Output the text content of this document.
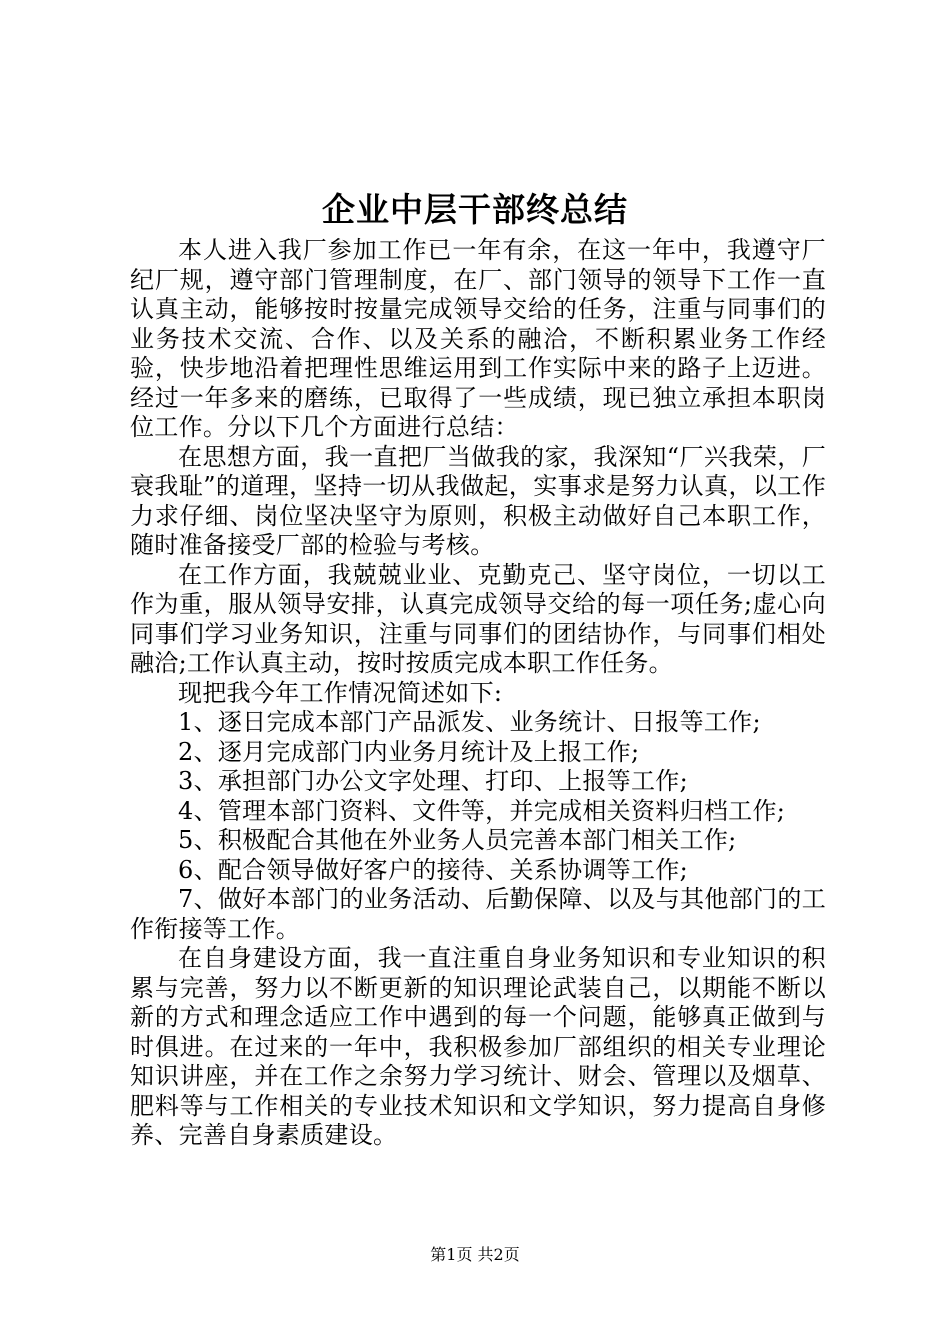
企业中层干部终总结

本人进入我厂参加工作已一年有余，在这一年中，我遵守厂纪厂规，遵守部门管理制度，在厂、部门领导的领导下工作一直认真主动，能够按时按量完成领导交给的任务，注重与同事们的业务技术交流、合作、以及关系的融洽，不断积累业务工作经验，快步地沿着把理性思维运用到工作实际中来的路子上迈进。经过一年多来的磨练，已取得了一些成绩，现已独立承担本职岗位工作。分以下几个方面进行总结：

在思想方面，我一直把厂当做我的家，我深知“厂兴我荣，厂衰我耻”的道理，坚持一切从我做起，实事求是努力认真，以工作力求仔细、岗位坚决坚守为原则，积极主动做好自己本职工作，随时准备接受厂部的检验与考核。

在工作方面，我兢兢业业、克勤克己、坚守岗位，一切以工作为重，服从领导安排，认真完成领导交给的每一项任务;虚心向同事们学习业务知识，注重与同事们的团结协作，与同事们相处融洽;工作认真主动，按时按质完成本职工作任务。

现把我今年工作情况简述如下:

1、逐日完成本部门产品派发、业务统计、日报等工作;

2、逐月完成部门内业务月统计及上报工作;

3、承担部门办公文字处理、打印、上报等工作;

4、管理本部门资料、文件等，并完成相关资料归档工作;

5、积极配合其他在外业务人员完善本部门相关工作;

6、配合领导做好客户的接待、关系协调等工作;

7、做好本部门的业务活动、后勤保障、以及与其他部门的工作衔接等工作。

在自身建设方面，我一直注重自身业务知识和专业知识的积累与完善，努力以不断更新的知识理论武装自己，以期能不断以新的方式和理念适应工作中遇到的每一个问题，能够真正做到与时俱进。在过来的一年中，我积极参加厂部组织的相关专业理论知识讲座，并在工作之余努力学习统计、财会、管理以及烟草、肥料等与工作相关的专业技术知识和文学知识，努力提高自身修养、完善自身素质建设。

第1页 共2页
